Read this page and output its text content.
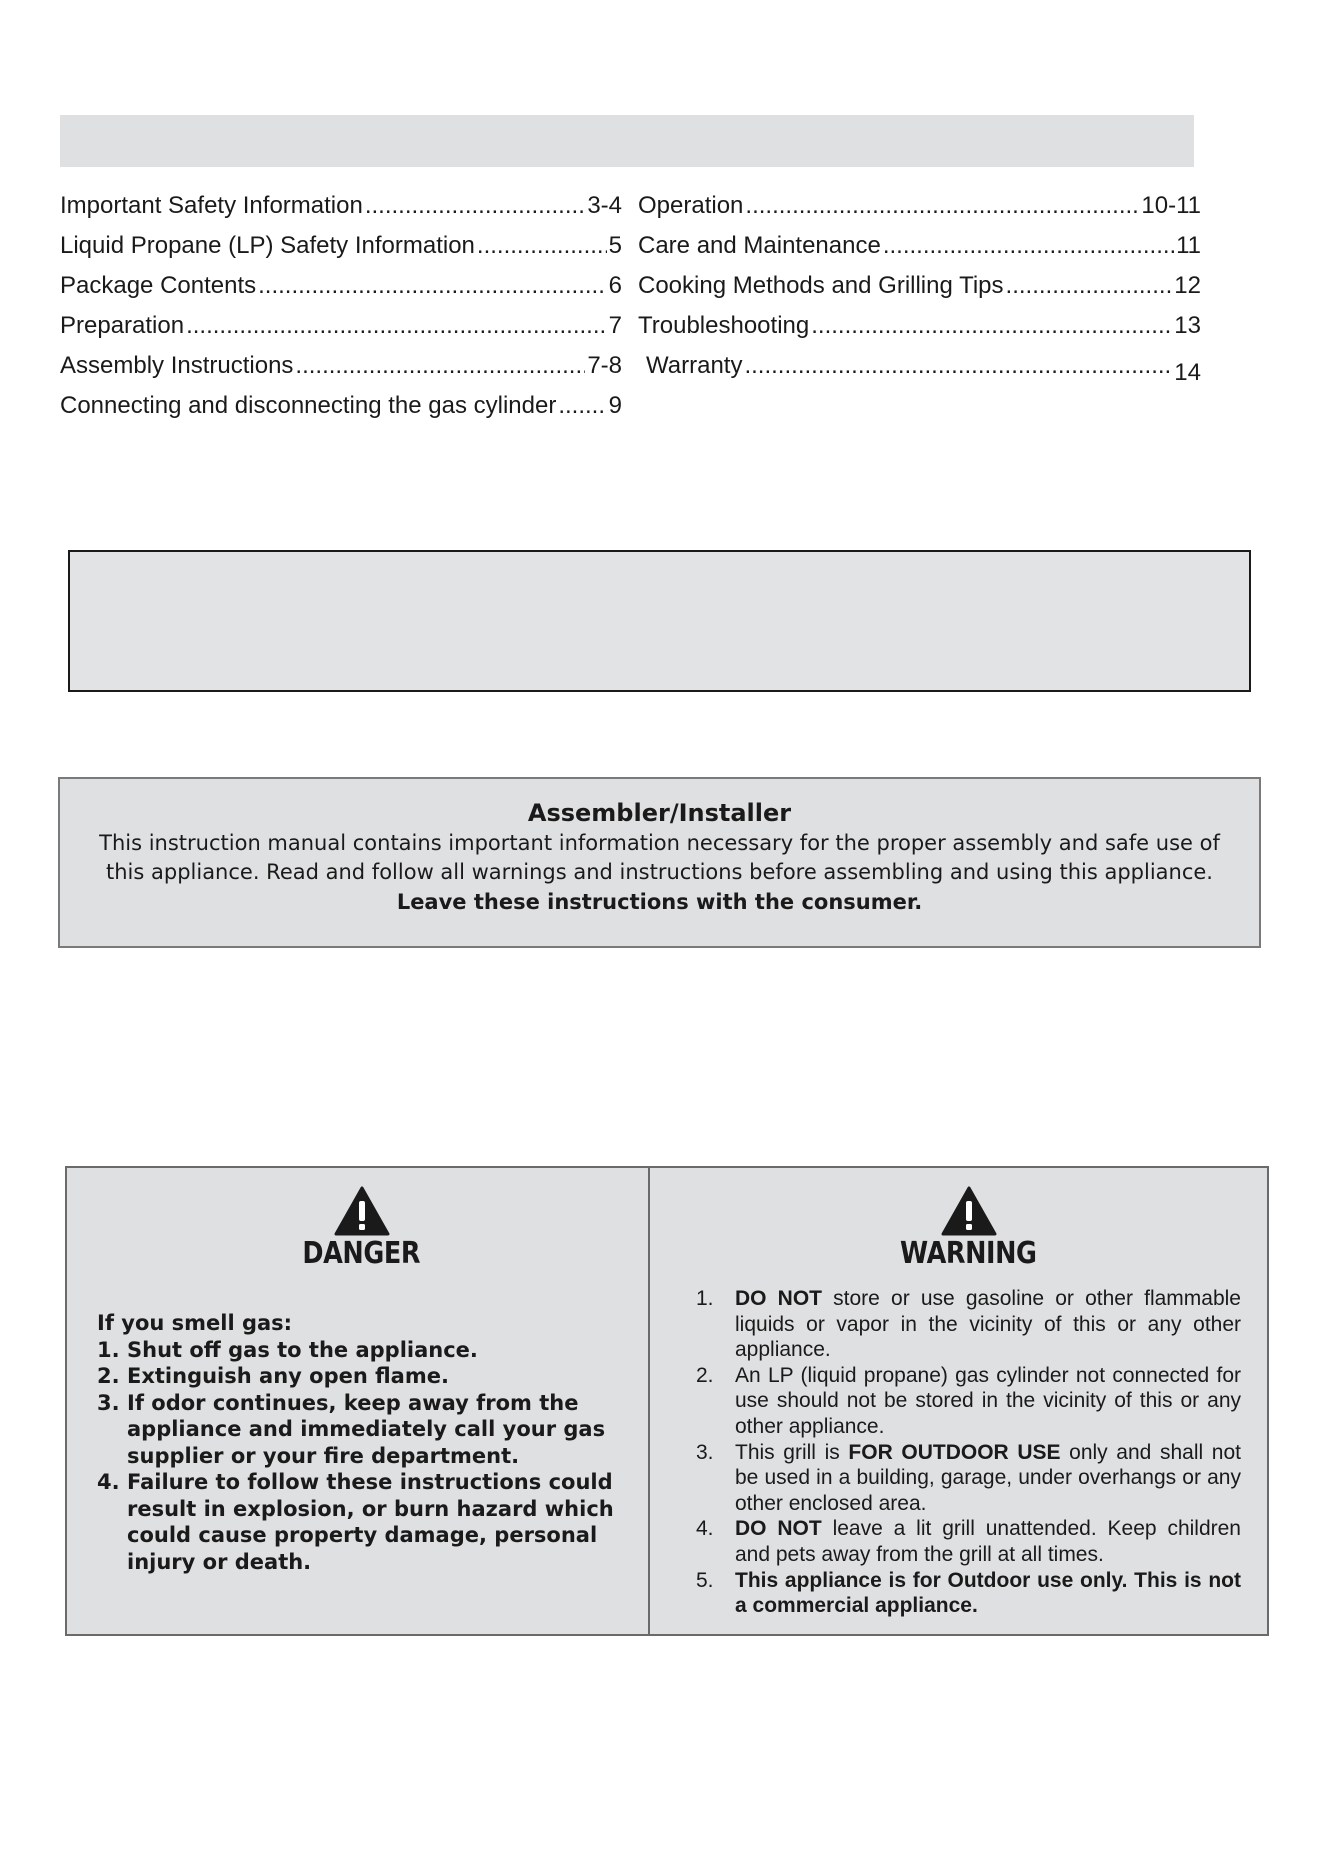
Important Safety Information .....	3-4
Liquid Propane (LP) Safety Information .....	5
Package Contents .....	6
Preparation .....	7
Assembly Instructions .....	7-8
Connecting and disconnecting the gas cylinder ..... 9
Operation .....	10-11
Care and Maintenance .....	11
Cooking Methods and Grilling Tips .....	12
Troubleshooting .....	13
Warranty .....	14
Assembler/Installer
This instruction manual contains important information necessary for the proper assembly and safe use of this appliance. Read and follow all warnings and instructions before assembling and using this appliance.
Leave these instructions with the consumer.
DANGER
If you smell gas:
1. Shut off gas to the appliance.
2. Extinguish any open flame.
3. If odor continues, keep away from the appliance and immediately call your gas supplier or your fire department.
4. Failure to follow these instructions could result in explosion, or burn hazard which could cause property damage, personal injury or death.
WARNING
1. DO NOT store or use gasoline or other flammable liquids or vapor in the vicinity of this or any other appliance.
2. An LP (liquid propane) gas cylinder not connected for use should not be stored in the vicinity of this or any other appliance.
3. This grill is FOR OUTDOOR USE only and shall not be used in a building, garage, under overhangs or any other enclosed area.
4. DO NOT leave a lit grill unattended. Keep children and pets away from the grill at all times.
5. This appliance is for Outdoor use only. This is not a commercial appliance.
